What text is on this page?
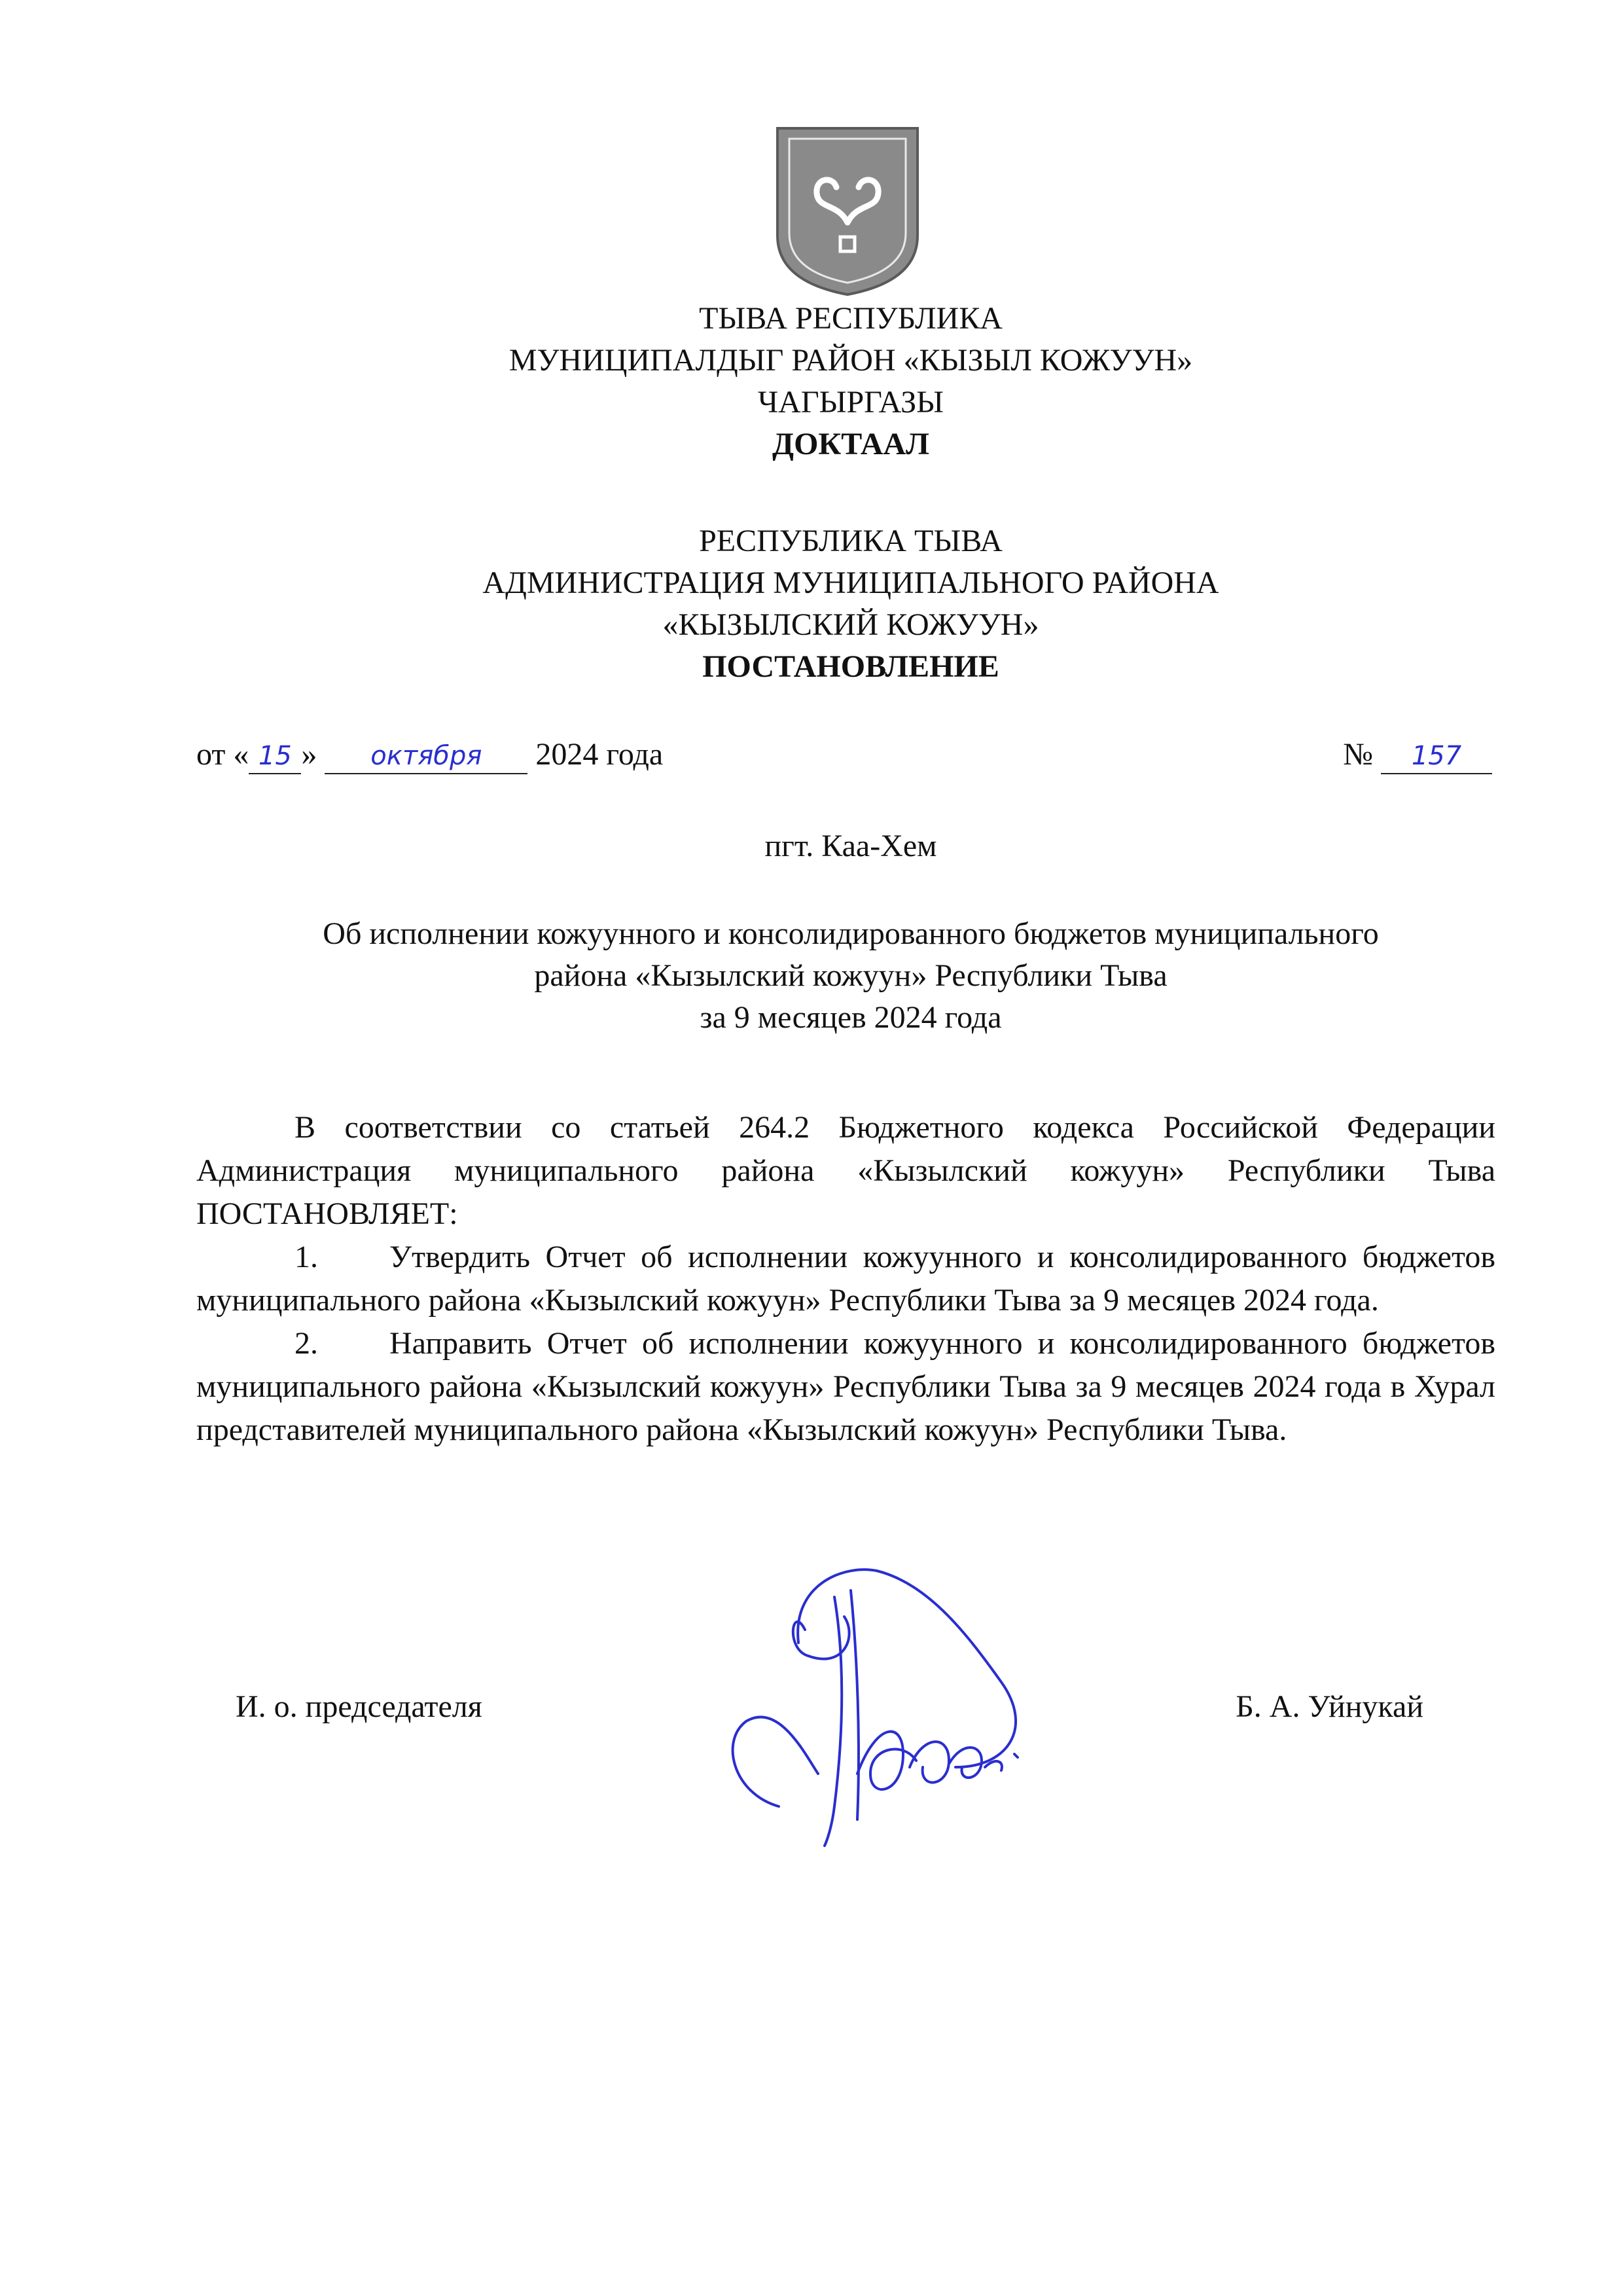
ТЫВА РЕСПУБЛИКА
МУНИЦИПАЛДЫГ РАЙОН «КЫЗЫЛ КОЖУУН»
ЧАГЫРГАЗЫ
ДОКТААЛ
РЕСПУБЛИКА ТЫВА
АДМИНИСТРАЦИЯ МУНИЦИПАЛЬНОГО РАЙОНА
«КЫЗЫЛСКИЙ КОЖУУН»
ПОСТАНОВЛЕНИЕ
от « 15 » октября 2024 года	№ 157
пгт. Каа-Хем
Об исполнении кожуунного и консолидированного бюджетов муниципального
района «Кызылский кожуун» Республики Тыва
за 9 месяцев 2024 года

В соответствии со статьей 264.2 Бюджетного кодекса Российской Федерации Администрация муниципального района «Кызылский кожуун» Республики Тыва ПОСТАНОВЛЯЕТ:

1. Утвердить Отчет об исполнении кожуунного и консолидированного бюджетов муниципального района «Кызылский кожуун» Республики Тыва за 9 месяцев 2024 года.

2. Направить Отчет об исполнении кожуунного и консолидированного бюджетов муниципального района «Кызылский кожуун» Республики Тыва за 9 месяцев 2024 года в Хурал представителей муниципального района «Кызылский кожуун» Республики Тыва.

И. о. председателя	Б. А. Уйнукай
